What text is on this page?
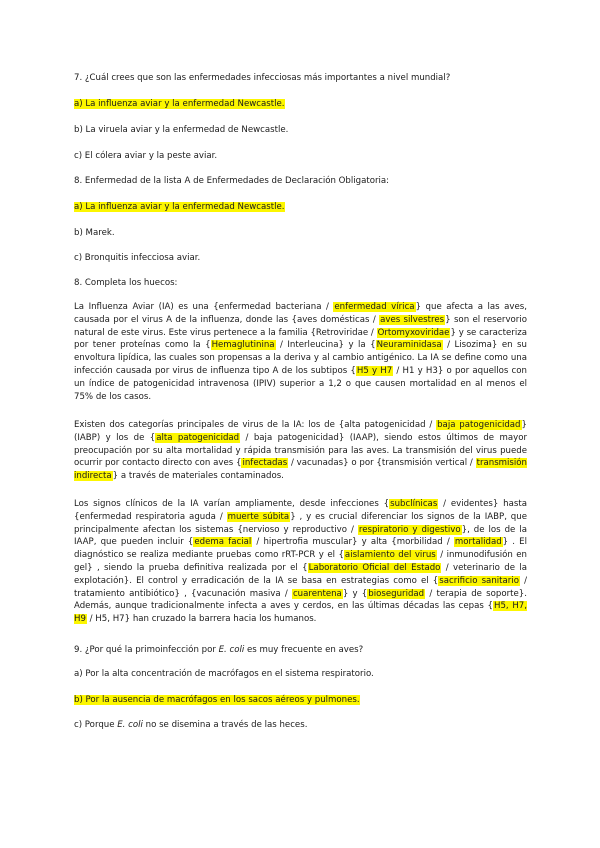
7. ¿Cuál crees que son las enfermedades infecciosas más importantes a nivel mundial?
a) La influenza aviar y la enfermedad Newcastle.
b) La viruela aviar y la enfermedad de Newcastle.
c) El cólera aviar y la peste aviar.
8. Enfermedad de la lista A de Enfermedades de Declaración Obligatoria:
a) La influenza aviar y la enfermedad Newcastle.
b) Marek.
c) Bronquitis infecciosa aviar.
8. Completa los huecos:
La Influenza Aviar (IA) es una {enfermedad bacteriana / enfermedad vírica} que afecta a las aves, causada por el virus A de la influenza, donde las {aves domésticas / aves silvestres} son el reservorio natural de este virus. Este virus pertenece a la familia {Retroviridae / Ortomyxoviridae} y se caracteriza por tener proteínas como la {Hemaglutinina / Interleucina} y la {Neuraminidasa / Lisozima} en su envoltura lipídica, las cuales son propensas a la deriva y al cambio antigénico. La IA se define como una infección causada por virus de influenza tipo A de los subtipos {H5 y H7 / H1 y H3} o por aquellos con un índice de patogenicidad intravenosa (IPIV) superior a 1,2 o que causen mortalidad en al menos el 75% de los casos.
Existen dos categorías principales de virus de la IA: los de {alta patogenicidad / baja patogenicidad} (IABP) y los de {alta patogenicidad / baja patogenicidad} (IAAP), siendo estos últimos de mayor preocupación por su alta mortalidad y rápida transmisión para las aves. La transmisión del virus puede ocurrir por contacto directo con aves {infectadas / vacunadas} o por {transmisión vertical / transmisión indirecta} a través de materiales contaminados.
Los signos clínicos de la IA varían ampliamente, desde infecciones {subclínicas / evidentes} hasta {enfermedad respiratoria aguda / muerte súbita} , y es crucial diferenciar los signos de la IABP, que principalmente afectan los sistemas {nervioso y reproductivo / respiratorio y digestivo}, de los de la IAAP, que pueden incluir {edema facial / hipertrofia muscular} y alta {morbilidad / mortalidad} . El diagnóstico se realiza mediante pruebas como rRT-PCR y el {aislamiento del virus / inmunodifusión en gel} , siendo la prueba definitiva realizada por el {Laboratorio Oficial del Estado / veterinario de la explotación}. El control y erradicación de la IA se basa en estrategias como el {sacrificio sanitario / tratamiento antibiótico} , {vacunación masiva / cuarentena} y {bioseguridad / terapia de soporte}. Además, aunque tradicionalmente infecta a aves y cerdos, en las últimas décadas las cepas {H5, H7, H9 / H5, H7} han cruzado la barrera hacia los humanos.
9. ¿Por qué la primoinfección por E. coli es muy frecuente en aves?
a) Por la alta concentración de macrófagos en el sistema respiratorio.
b) Por la ausencia de macrófagos en los sacos aéreos y pulmones.
c) Porque E. coli no se disemina a través de las heces.
